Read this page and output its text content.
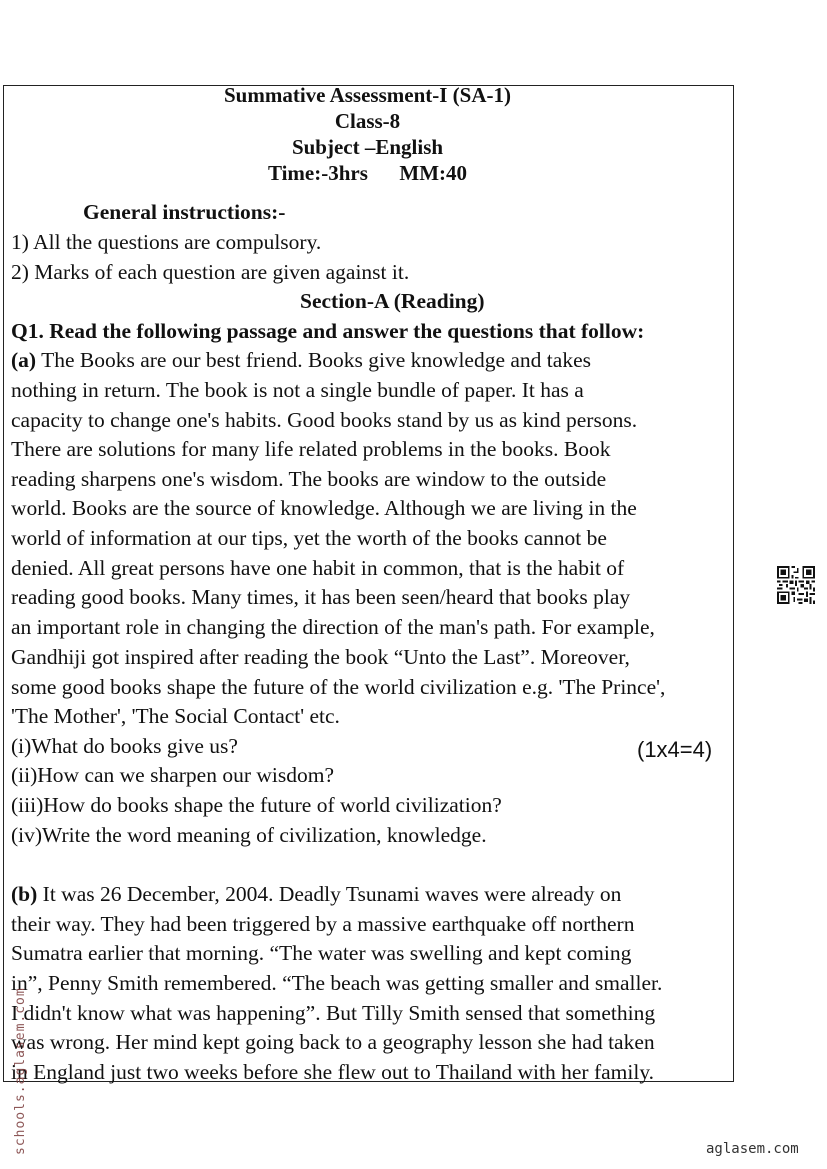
Summative Assessment-I (SA-1)
Class-8
Subject –English
Time:-3hrs MM:40
General instructions:-
1) All the questions are compulsory.
2) Marks of each question are given against it.
Section-A (Reading)
Q1. Read the following passage and answer the questions that follow:
(a) The Books are our best friend. Books give knowledge and takes
nothing in return. The book is not a single bundle of paper. It has a
capacity to change one's habits. Good books stand by us as kind persons.
There are solutions for many life related problems in the books. Book
reading sharpens one's wisdom. The books are window to the outside
world. Books are the source of knowledge. Although we are living in the
world of information at our tips, yet the worth of the books cannot be
denied. All great persons have one habit in common, that is the habit of
reading good books. Many times, it has been seen/heard that books play
an important role in changing the direction of the man's path. For example,
Gandhiji got inspired after reading the book “Unto the Last”. Moreover,
some good books shape the future of the world civilization e.g. 'The Prince',
'The Mother', 'The Social Contact' etc.
(i)What do books give us?	(1x4=4)
(ii)How can we sharpen our wisdom?
(iii)How do books shape the future of world civilization?
(iv)Write the word meaning of civilization, knowledge.
(b) It was 26 December, 2004. Deadly Tsunami waves were already on
their way. They had been triggered by a massive earthquake off northern
Sumatra earlier that morning. “The water was swelling and kept coming
in”, Penny Smith remembered. “The beach was getting smaller and smaller.
I didn't know what was happening”. But Tilly Smith sensed that something
was wrong. Her mind kept going back to a geography lesson she had taken
in England just two weeks before she flew out to Thailand with her family.
schools.aglasem.com	aglasem.com
